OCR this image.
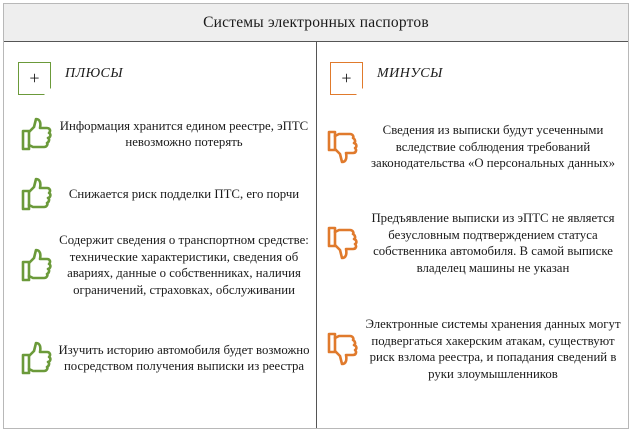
Системы электронных паспортов
+	ПЛЮСЫ	+	МИНУСЫ
Информация хранится едином реестре, эПТС невозможно потерять
Снижается риск подделки ПТС, его порчи
Содержит сведения о транспортном средстве: технические характеристики, сведения об авариях, данные о собственниках, наличия ограничений, страховках, обслуживании
Изучить историю автомобиля будет возможно посредством получения выписки из реестра
Сведения из выписки будут усеченными вследствие соблюдения требований законодательства «О персональных данных»
Предъявление выписки из эПТС не является безусловным подтверждением статуса собственника автомобиля. В самой выписке владелец машины не указан
Электронные системы хранения данных могут подвергаться хакерским атакам, существуют риск взлома реестра, и попадания сведений в руки злоумышленников
